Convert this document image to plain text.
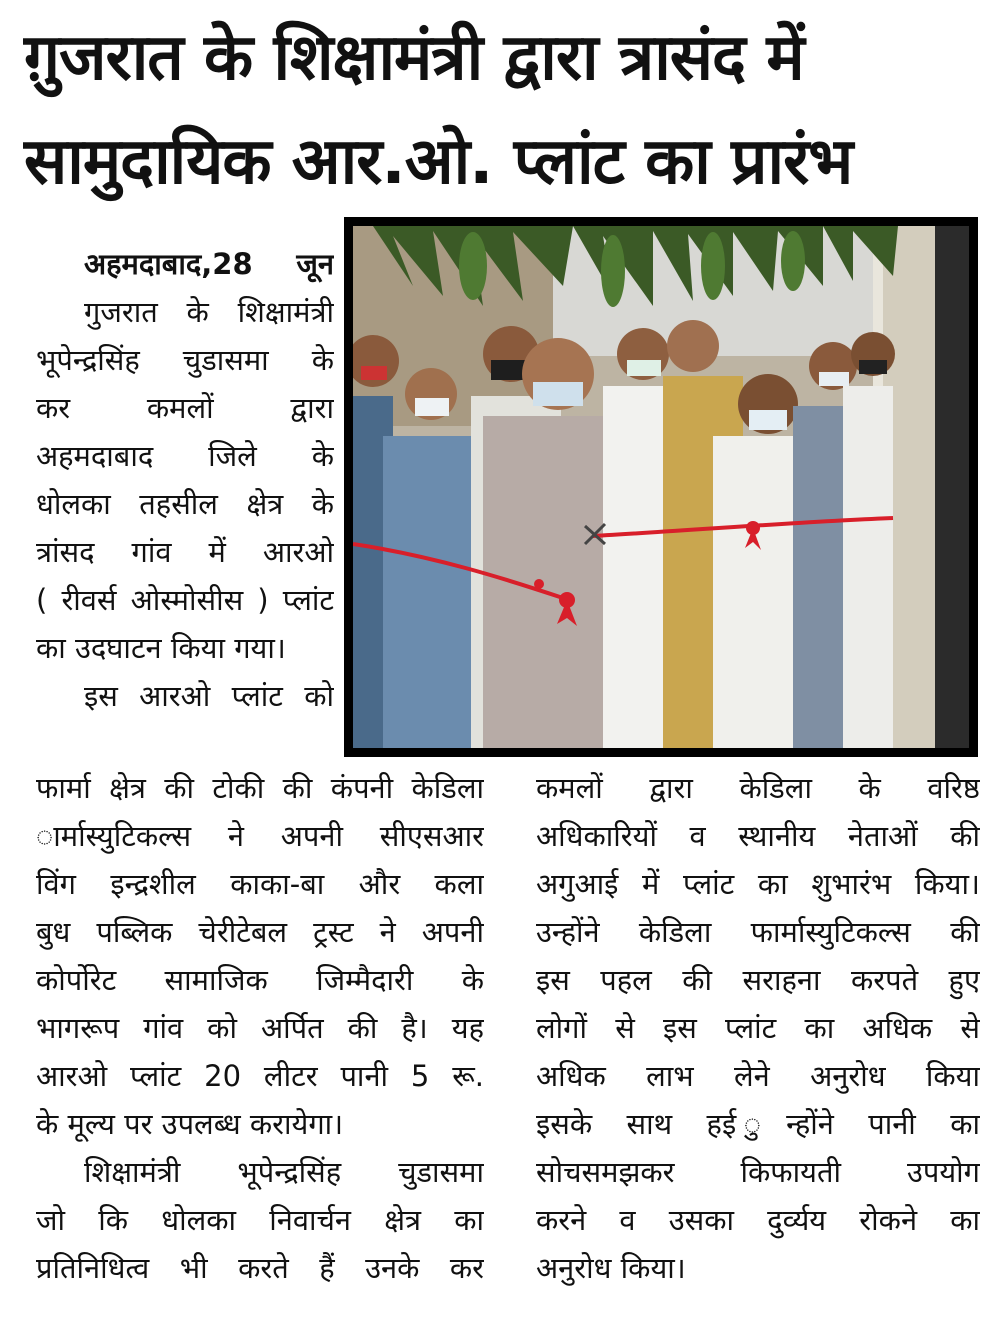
ग़ुजरात के शिक्षामंत्री द्वारा त्रासंद में
सामुदायिक आर.ओ. प्लांट का प्रारंभ
अहमदाबाद,28 जून
गुजरात के शिक्षामंत्री
भूपेन्द्रसिंह चुडासमा के
कर कमलों द्वारा
अहमदाबाद जिले के
धोलका तहसील क्षेत्र के
त्रांसद गांव में आरओ
( रीवर्स ओस्मोसीस ) प्लांट
का उदघाटन किया गया।
इस आरओ प्लांट को
फार्मा क्षेत्र की टोकी की कंपनी केडिला
ार्मास्युटिकल्स ने अपनी सीएसआर
विंग इन्द्रशील काका-बा और कला
बुध पब्लिक चेरीटेबल ट्रस्ट ने अपनी
कोर्पोरेट सामाजिक जिम्मैदारी के
भागरूप गांव को अर्पित की है। यह
आरओ प्लांट 20 लीटर पानी 5 रू.
के मूल्य पर उपलब्ध करायेगा।
शिक्षामंत्री भूपेन्द्रसिंह चुडासमा
जो कि धोलका निवार्चन क्षेत्र का
प्रतिनिधित्व भी करते हैं उनके कर
कमलों द्वारा केडिला के वरिष्ठ
अधिकारियों व स्थानीय नेताओं की
अगुआई में प्लांट का शुभारंभ किया।
उन्होंने केडिला फार्मास्युटिकल्स की
इस पहल की सराहना करपते हुए
लोगों से इस प्लांट का अधिक से
अधिक लाभ लेने अनुरोध किया
इसके साथ हई ुन्होंने पानी का
सोचसमझकर किफायती उपयोग
करने व उसका दुर्व्यय रोकने का
अनुरोध किया।
